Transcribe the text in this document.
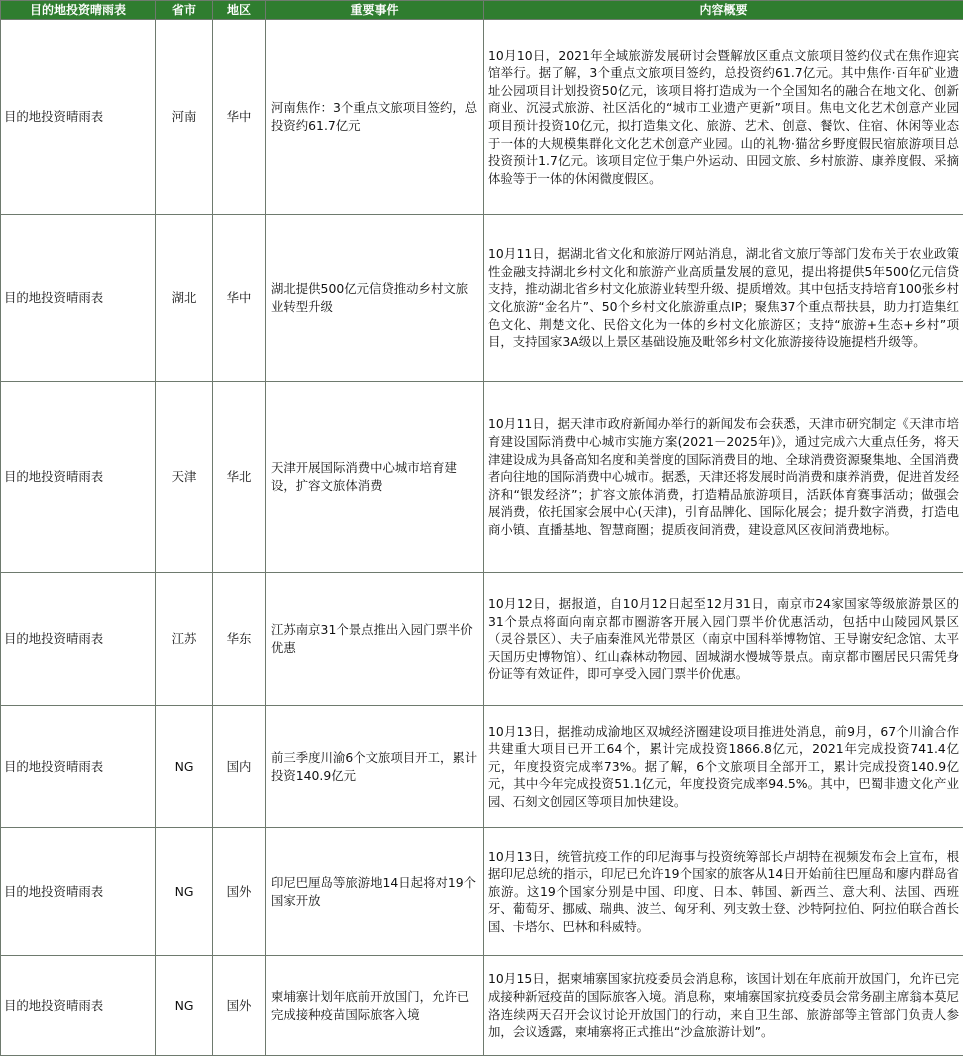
目的地投资晴雨表	省市	地区	重要事件	内容概要
目的地投资晴雨表	河南	华中	河南焦作：3个重点文旅项目签约，总投资约61.7亿元	10月10日，2021年全域旅游发展研讨会暨解放区重点文旅项目签约仪式在焦作迎宾馆举行。据了解，3个重点文旅项目签约，总投资约61.7亿元。其中焦作·百年矿业遗址公园项目计划投资50亿元，该项目将打造成为一个全国知名的融合在地文化、创新商业、沉浸式旅游、社区活化的“城市工业遗产更新”项目。焦电文化艺术创意产业园项目预计投资10亿元，拟打造集文化、旅游、艺术、创意、餐饮、住宿、休闲等业态于一体的大规模集群化文化艺术创意产业园。山的礼物·猫岔乡野度假民宿旅游项目总投资预计1.7亿元。该项目定位于集户外运动、田园文旅、乡村旅游、康养度假、采摘体验等于一体的休闲微度假区。
目的地投资晴雨表	湖北	华中	湖北提供500亿元信贷推动乡村文旅业转型升级	10月11日，据湖北省文化和旅游厅网站消息，湖北省文旅厅等部门发布关于农业政策性金融支持湖北乡村文化和旅游产业高质量发展的意见，提出将提供5年500亿元信贷支持，推动湖北省乡村文化旅游业转型升级、提质增效。其中包括支持培育100张乡村文化旅游“金名片”、50个乡村文化旅游重点IP；聚焦37个重点帮扶县，助力打造集红色文化、荆楚文化、民俗文化为一体的乡村文化旅游区；支持“旅游+生态+乡村”项目，支持国家3A级以上景区基础设施及毗邻乡村文化旅游接待设施提档升级等。
目的地投资晴雨表	天津	华北	天津开展国际消费中心城市培育建设，扩容文旅体消费	10月11日，据天津市政府新闻办举行的新闻发布会获悉，天津市研究制定《天津市培育建设国际消费中心城市实施方案(2021－2025年)》，通过完成六大重点任务，将天津建设成为具备高知名度和美誉度的国际消费目的地、全球消费资源聚集地、全国消费者向往地的国际消费中心城市。据悉，天津还将发展时尚消费和康养消费，促进首发经济和“银发经济”；扩容文旅体消费，打造精品旅游项目，活跃体育赛事活动；做强会展消费，依托国家会展中心(天津)，引育品牌化、国际化展会；提升数字消费，打造电商小镇、直播基地、智慧商圈；提质夜间消费，建设意风区夜间消费地标。
目的地投资晴雨表	江苏	华东	江苏南京31个景点推出入园门票半价优惠	10月12日，据报道，自10月12日起至12月31日，南京市24家国家等级旅游景区的31个景点将面向南京都市圈游客开展入园门票半价优惠活动，包括中山陵园风景区（灵谷景区）、夫子庙秦淮风光带景区（南京中国科举博物馆、王导谢安纪念馆、太平天国历史博物馆）、红山森林动物园、固城湖水慢城等景点。南京都市圈居民只需凭身份证等有效证件，即可享受入园门票半价优惠。
目的地投资晴雨表	NG	国内	前三季度川渝6个文旅项目开工，累计投资140.9亿元	10月13日，据推动成渝地区双城经济圈建设项目推进处消息，前9月，67个川渝合作共建重大项目已开工64个，累计完成投资1866.8亿元，2021年完成投资741.4亿元，年度投资完成率73%。据了解，6个文旅项目全部开工，累计完成投资140.9亿元，其中今年完成投资51.1亿元，年度投资完成率94.5%。其中，巴蜀非遗文化产业园、石刻文创园区等项目加快建设。
目的地投资晴雨表	NG	国外	印尼巴厘岛等旅游地14日起将对19个国家开放	10月13日，统管抗疫工作的印尼海事与投资统筹部长卢胡特在视频发布会上宣布，根据印尼总统的指示，印尼已允许19个国家的旅客从14日开始前往巴厘岛和廖内群岛省旅游。这19个国家分别是中国、印度、日本、韩国、新西兰、意大利、法国、西班牙、葡萄牙、挪威、瑞典、波兰、匈牙利、列支敦士登、沙特阿拉伯、阿拉伯联合酋长国、卡塔尔、巴林和科威特。
目的地投资晴雨表	NG	国外	柬埔寨计划年底前开放国门，允许已完成接种疫苗国际旅客入境	10月15日，据柬埔寨国家抗疫委员会消息称，该国计划在年底前开放国门，允许已完成接种新冠疫苗的国际旅客入境。消息称，柬埔寨国家抗疫委员会常务副主席翁本莫尼洛连续两天召开会议讨论开放国门的行动，来自卫生部、旅游部等主管部门负责人参加，会议透露，柬埔寨将正式推出“沙盒旅游计划”。
